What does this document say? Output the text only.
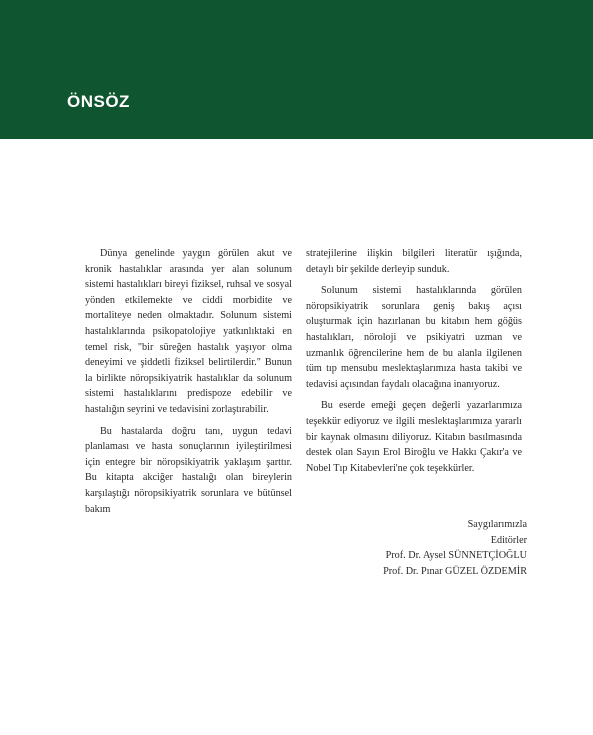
ÖNSÖZ

Dünya genelinde yaygın görülen akut ve kronik hastalıklar arasında yer alan solunum sistemi hastalıkları bireyi fiziksel, ruhsal ve sosyal yönden etkilemekte ve ciddi morbidite ve mortaliteye neden olmaktadır. Solunum sistemi hastalıklarında psikopatolojiye yatkınlıktaki en temel risk, "bir süreğen hastalık yaşıyor olma deneyimi ve şiddetli fiziksel belirtilerdir." Bunun la birlikte nöropsikiyatrik hastalıklar da solunum sistemi hastalıklarını predispoze edebilir ve hastalığın seyrini ve tedavisini zorlaştırabilir.

Bu hastalarda doğru tanı, uygun tedavi planlaması ve hasta sonuçlarının iyileştirilmesi için entegre bir nöropsikiyatrik yaklaşım şarttır. Bu kitapta akciğer hastalığı olan bireylerin karşılaştığı nöropsikiyatrik sorunlara ve bütünsel bakım

stratejilerine ilişkin bilgileri literatür ışığında, detaylı bir şekilde derleyip sunduk.

Solunum sistemi hastalıklarında görülen nöropsikiyatrik sorunlara geniş bakış açısı oluşturmak için hazırlanan bu kitabın hem göğüs hastalıkları, nöroloji ve psikiyatri uzman ve uzmanlık öğrencilerine hem de bu alanla ilgilenen tüm tıp mensubu meslektaşlarımıza hasta takibi ve tedavisi açısından faydalı olacağına inanıyoruz.

Bu eserde emeği geçen değerli yazarlarımıza teşekkür ediyoruz ve ilgili meslektaşlarımıza yararlı bir kaynak olmasını diliyoruz. Kitabın basılmasında destek olan Sayın Erol Biroğlu ve Hakkı Çakır'a ve Nobel Tıp Kitabevleri'ne çok teşekkürler.

Saygılarımızla
Editörler
Prof. Dr. Aysel SÜNNETÇİOĞLU
Prof. Dr. Pınar GÜZEL ÖZDEMİR
